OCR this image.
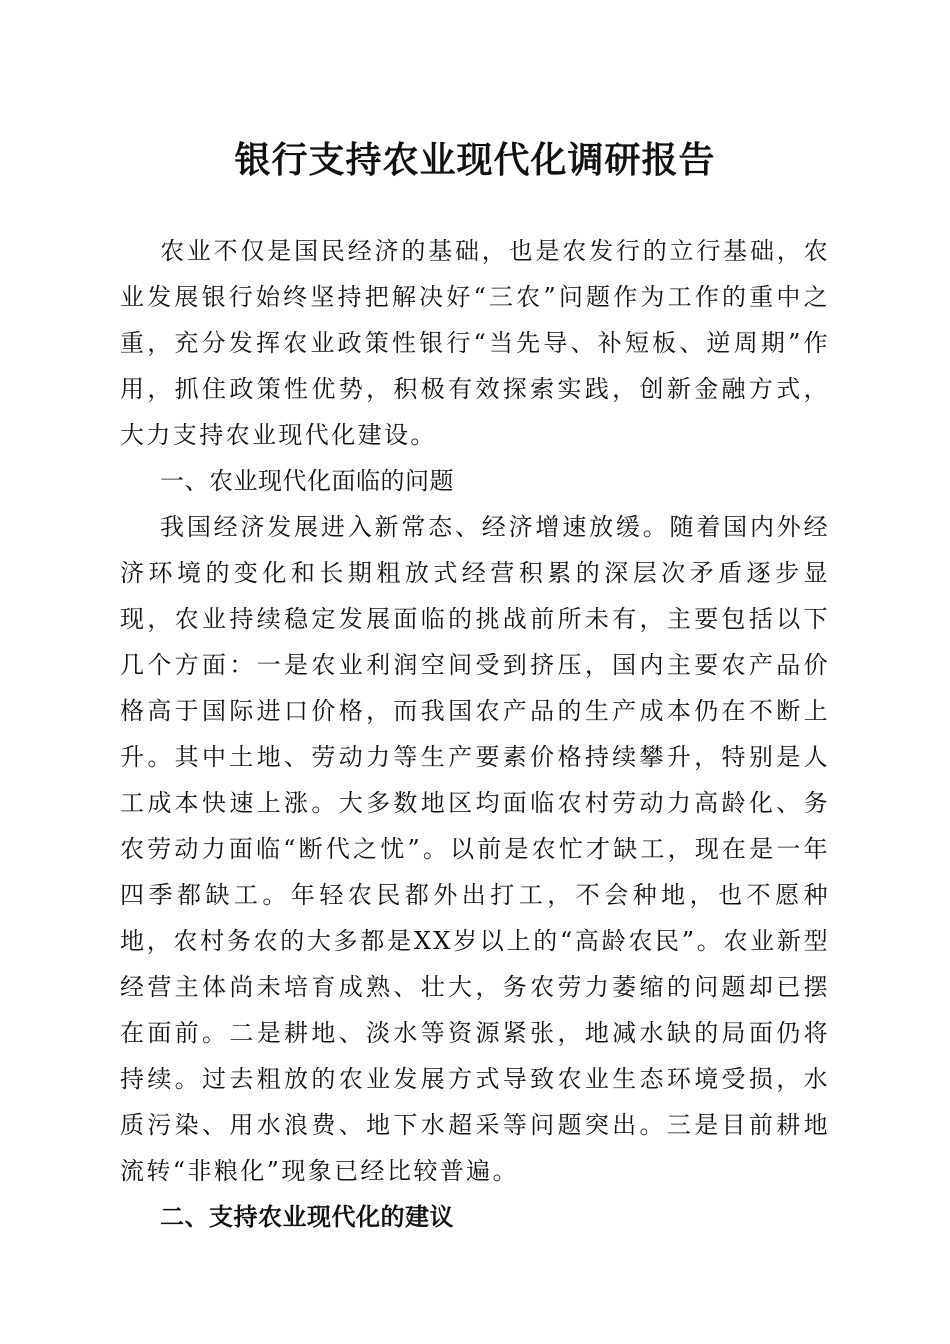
银行支持农业现代化调研报告

农业不仅是国民经济的基础，也是农发行的立行基础，农业发展银行始终坚持把解决好“三农”问题作为工作的重中之重，充分发挥农业政策性银行“当先导、补短板、逆周期”作用，抓住政策性优势，积极有效探索实践，创新金融方式，大力支持农业现代化建设。

一、农业现代化面临的问题

我国经济发展进入新常态、经济增速放缓。随着国内外经济环境的变化和长期粗放式经营积累的深层次矛盾逐步显现，农业持续稳定发展面临的挑战前所未有，主要包括以下几个方面：一是农业利润空间受到挤压，国内主要农产品价格高于国际进口价格，而我国农产品的生产成本仍在不断上升。其中土地、劳动力等生产要素价格持续攀升，特别是人工成本快速上涨。大多数地区均面临农村劳动力高龄化、务农劳动力面临“断代之忧”。以前是农忙才缺工，现在是一年四季都缺工。年轻农民都外出打工，不会种地，也不愿种地，农村务农的大多都是XX岁以上的“高龄农民”。农业新型经营主体尚未培育成熟、壮大，务农劳力萎缩的问题却已摆在面前。二是耕地、淡水等资源紧张，地减水缺的局面仍将持续。过去粗放的农业发展方式导致农业生态环境受损，水质污染、用水浪费、地下水超采等问题突出。三是目前耕地流转“非粮化”现象已经比较普遍。

二、支持农业现代化的建议
